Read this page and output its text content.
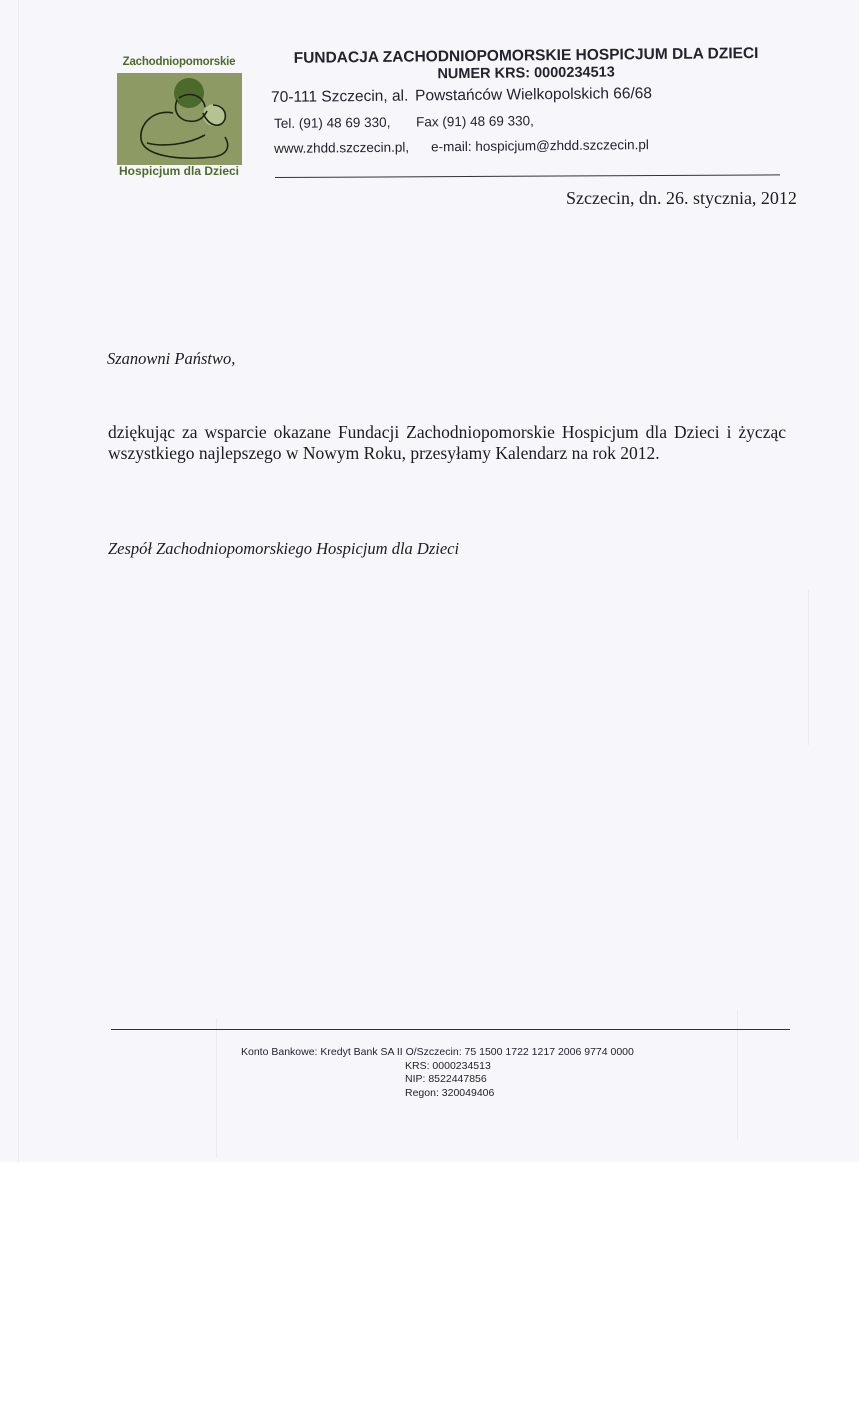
Zachodniopomorskie
Hospicjum dla Dzieci
FUNDACJA ZACHODNIOPOMORSKIE HOSPICJUM DLA DZIECI
NUMER KRS: 0000234513
70-111 Szczecin, al. Powstańców Wielkopolskich 66/68
Tel. (91) 48 69 330, Fax (91) 48 69 330,
www.zhdd.szczecin.pl, e-mail: hospicjum@zhdd.szczecin.pl
Szczecin, dn. 26. stycznia, 2012
Szanowni Państwo,

dziękując za wsparcie okazane Fundacji Zachodniopomorskie Hospicjum dla Dzieci i życząc wszystkiego najlepszego w Nowym Roku, przesyłamy Kalendarz na rok 2012.

Zespół Zachodniopomorskiego Hospicjum dla Dzieci
Konto Bankowe: Kredyt Bank SA II O/Szczecin: 75 1500 1722 1217 2006 9774 0000
KRS: 0000234513
NIP: 8522447856
Regon: 320049406
